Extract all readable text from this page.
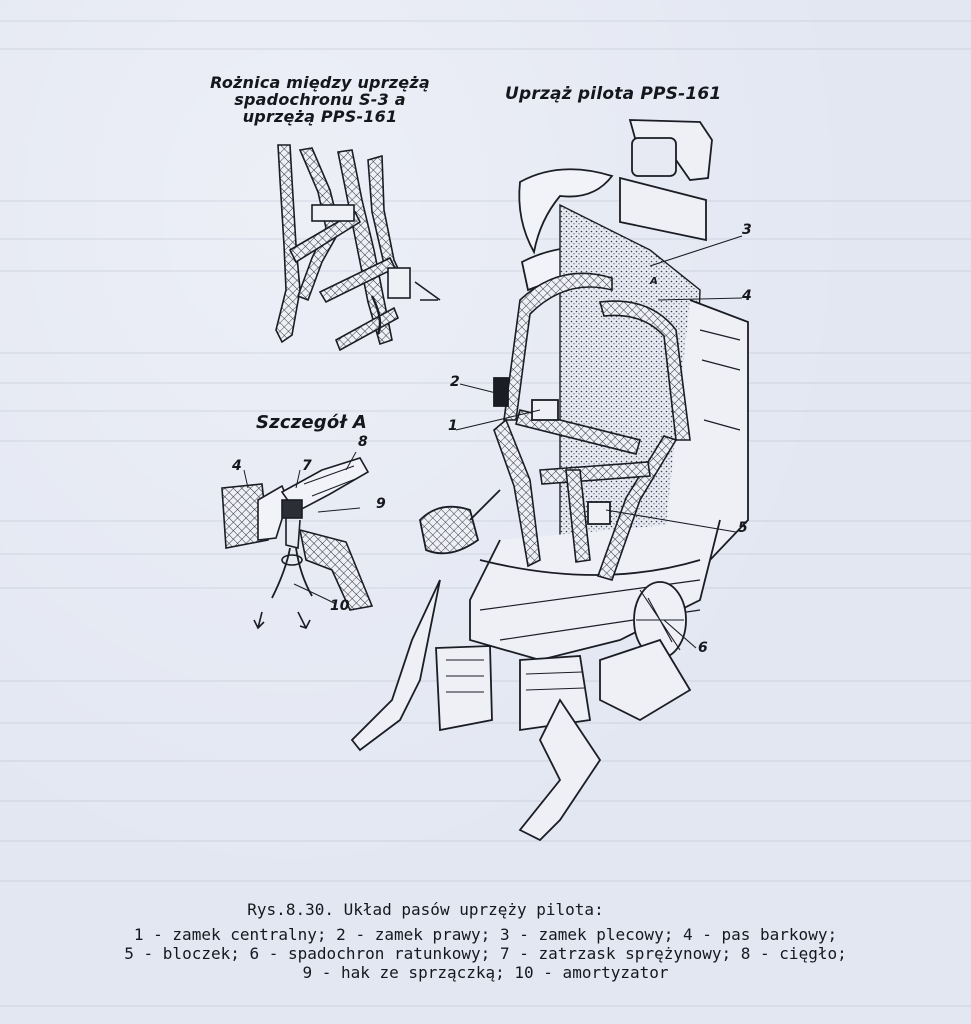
Rożnica między uprzężą spadochronu S-3 a uprzężą PPS-161
Uprząż pilota PPS-161
Szczegół A
4	7
8
9
10
1
2
3
4
5
6
A
Rys.8.30. Układ pasów uprzęży pilota:
1 - zamek centralny; 2 - zamek prawy; 3 - zamek plecowy; 4 - pas barkowy;
5 - bloczek; 6 - spadochron ratunkowy; 7 - zatrzask sprężynowy; 8 - cięgło;
9 - hak ze sprzączką; 10 - amortyzator
